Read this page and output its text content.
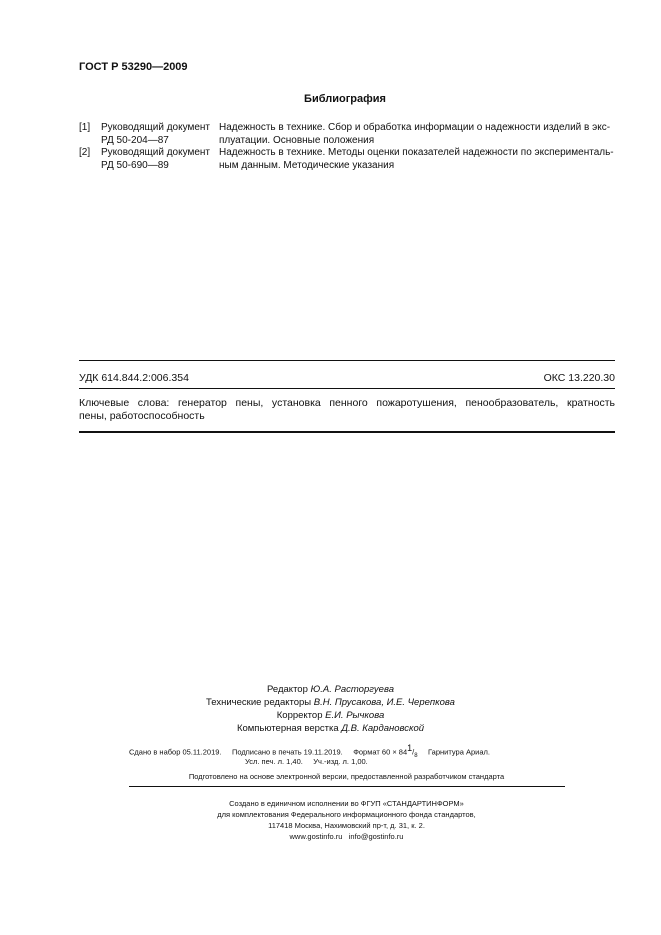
ГОСТ Р 53290—2009
Библиография
[1] Руководящий документ
РД 50-204—87
Надежность в технике. Сбор и обработка информации о надежности изделий в экс-
плуатации. Основные положения
[2] Руководящий документ
РД 50-690—89
Надежность в технике. Методы оценки показателей надежности по эксперименталь-
ным данным. Методические указания
УДК 614.844.2:006.354	ОКС 13.220.30
Ключевые слова: генератор пены, установка пенного пожаротушения, пенообразователь, кратность
пены, работоспособность
Редактор Ю.А. Расторгуева
Технические редакторы В.Н. Прусакова, И.Е. Черепкова
Корректор Е.И. Рычкова
Компьютерная верстка Д.В. Кардановской
Сдано в набор 05.11.2019. Подписано в печать 19.11.2019. Формат $60 \times 84^1/_8$ Гарнитура Ариал.
Усл. печ. л. 1,40. Уч.-изд. л. 1,00.
Подготовлено на основе электронной версии, предоставленной разработчиком стандарта
Создано в единичном исполнении во ФГУП «СТАНДАРТИНФОРМ»
для комплектования Федерального информационного фонда стандартов,
117418 Москва, Нахимовский пр-т, д. 31, к. 2.
www.gostinfo.ru info@gostinfo.ru
